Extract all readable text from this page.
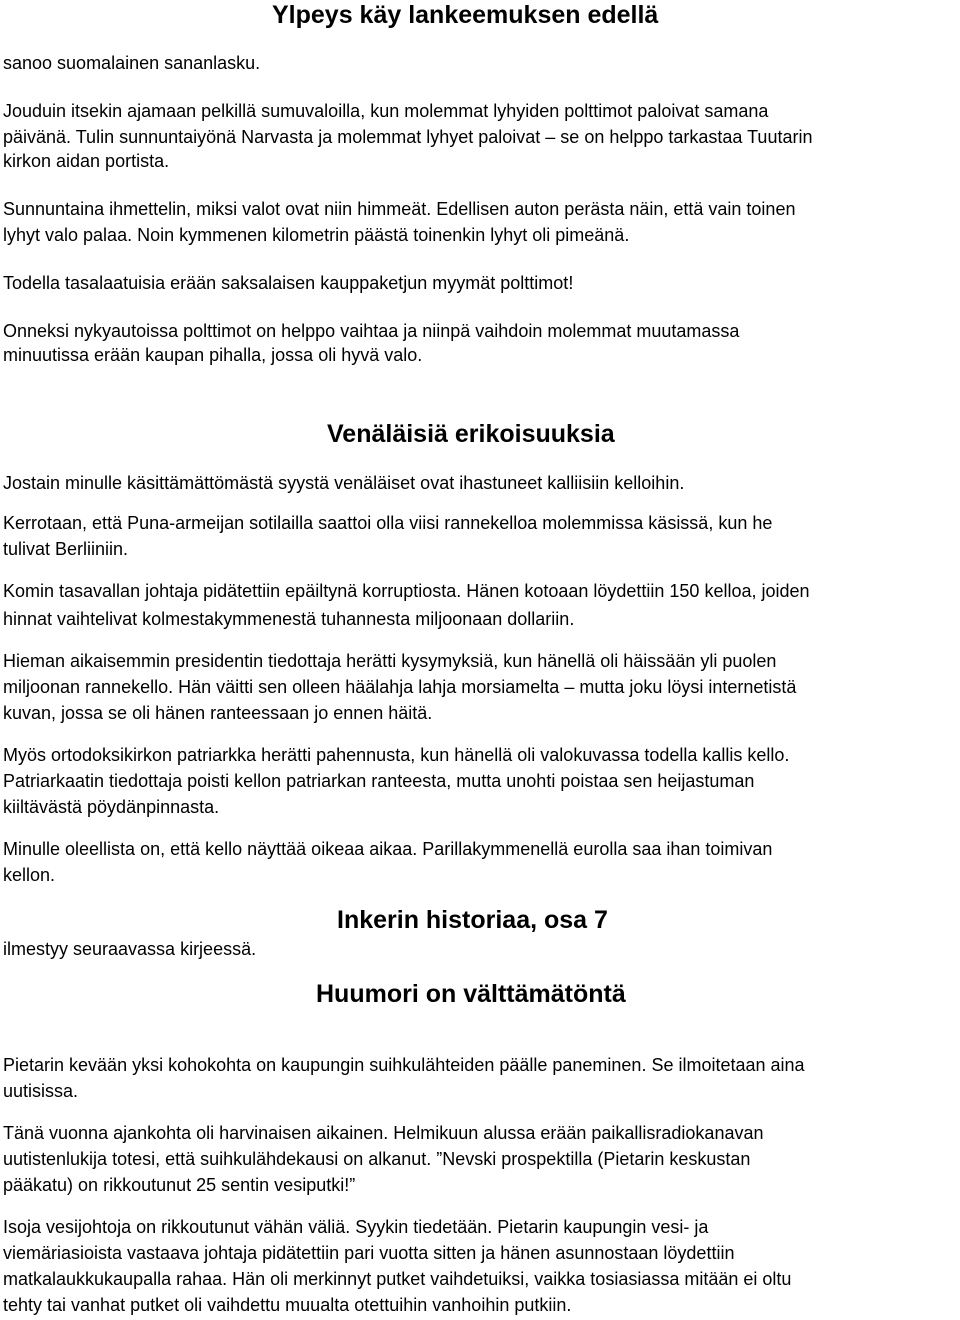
Ylpeys käy lankeemuksen edellä
sanoo suomalainen sananlasku.
Jouduin itsekin ajamaan pelkillä sumuvaloilla, kun molemmat lyhyiden polttimot paloivat samana
päivänä. Tulin sunnuntaiyönä Narvasta ja molemmat lyhyet paloivat – se on helppo tarkastaa Tuutarin
kirkon aidan portista.
Sunnuntaina ihmettelin, miksi valot ovat niin himmeät. Edellisen auton perästa näin, että vain toinen
lyhyt valo palaa. Noin kymmenen kilometrin päästä toinenkin lyhyt oli pimeänä.
Todella tasalaatuisia erään saksalaisen kauppaketjun myymät polttimot!
Onneksi nykyautoissa polttimot on helppo vaihtaa ja niinpä vaihdoin molemmat muutamassa
minuutissa erään kaupan pihalla, jossa oli hyvä valo.
Venäläisiä erikoisuuksia
Jostain minulle käsittämättömästä syystä venäläiset ovat ihastuneet kalliisiin kelloihin.
Kerrotaan, että Puna-armeijan sotilailla saattoi olla viisi rannekelloa molemmissa käsissä, kun he
tulivat Berliiniin.
Komin tasavallan johtaja pidätettiin epäiltynä korruptiosta. Hänen kotoaan löydettiin 150 kelloa, joiden
hinnat vaihtelivat kolmestakymmenestä tuhannesta miljoonaan dollariin.
Hieman aikaisemmin presidentin tiedottaja herätti kysymyksiä, kun hänellä oli häissään yli puolen
miljoonan rannekello. Hän väitti sen olleen häälahja lahja morsiamelta – mutta joku löysi internetistä
kuvan, jossa se oli hänen ranteessaan jo ennen häitä.
Myös ortodoksikirkon patriarkka herätti pahennusta, kun hänellä oli valokuvassa todella kallis kello.
Patriarkaatin tiedottaja poisti kellon patriarkan ranteesta, mutta unohti poistaa sen heijastuman
kiiltävästä pöydänpinnasta.
Minulle oleellista on, että kello näyttää oikeaa aikaa. Parillakymmenellä eurolla saa ihan toimivan
kellon.
Inkerin historiaa, osa 7
ilmestyy seuraavassa kirjeessä.
Huumori on välttämätöntä
Pietarin kevään yksi kohokohta on kaupungin suihkulähteiden päälle paneminen. Se ilmoitetaan aina
uutisissa.
Tänä vuonna ajankohta oli harvinaisen aikainen. Helmikuun alussa erään paikallisradiokanavan
uutistenlukija totesi, että suihkulähdekausi on alkanut. ”Nevski prospektilla (Pietarin keskustan
pääkatu) on rikkoutunut 25 sentin vesiputki!”
Isoja vesijohtoja on rikkoutunut vähän väliä. Syykin tiedetään. Pietarin kaupungin vesi- ja
viemäriasioista vastaava johtaja pidätettiin pari vuotta sitten ja hänen asunnostaan löydettiin
matkalaukkukaupalla rahaa. Hän oli merkinnyt putket vaihdetuiksi, vaikka tosiasiassa mitään ei oltu
tehty tai vanhat putket oli vaihdettu muualta otettuihin vanhoihin putkiin.
